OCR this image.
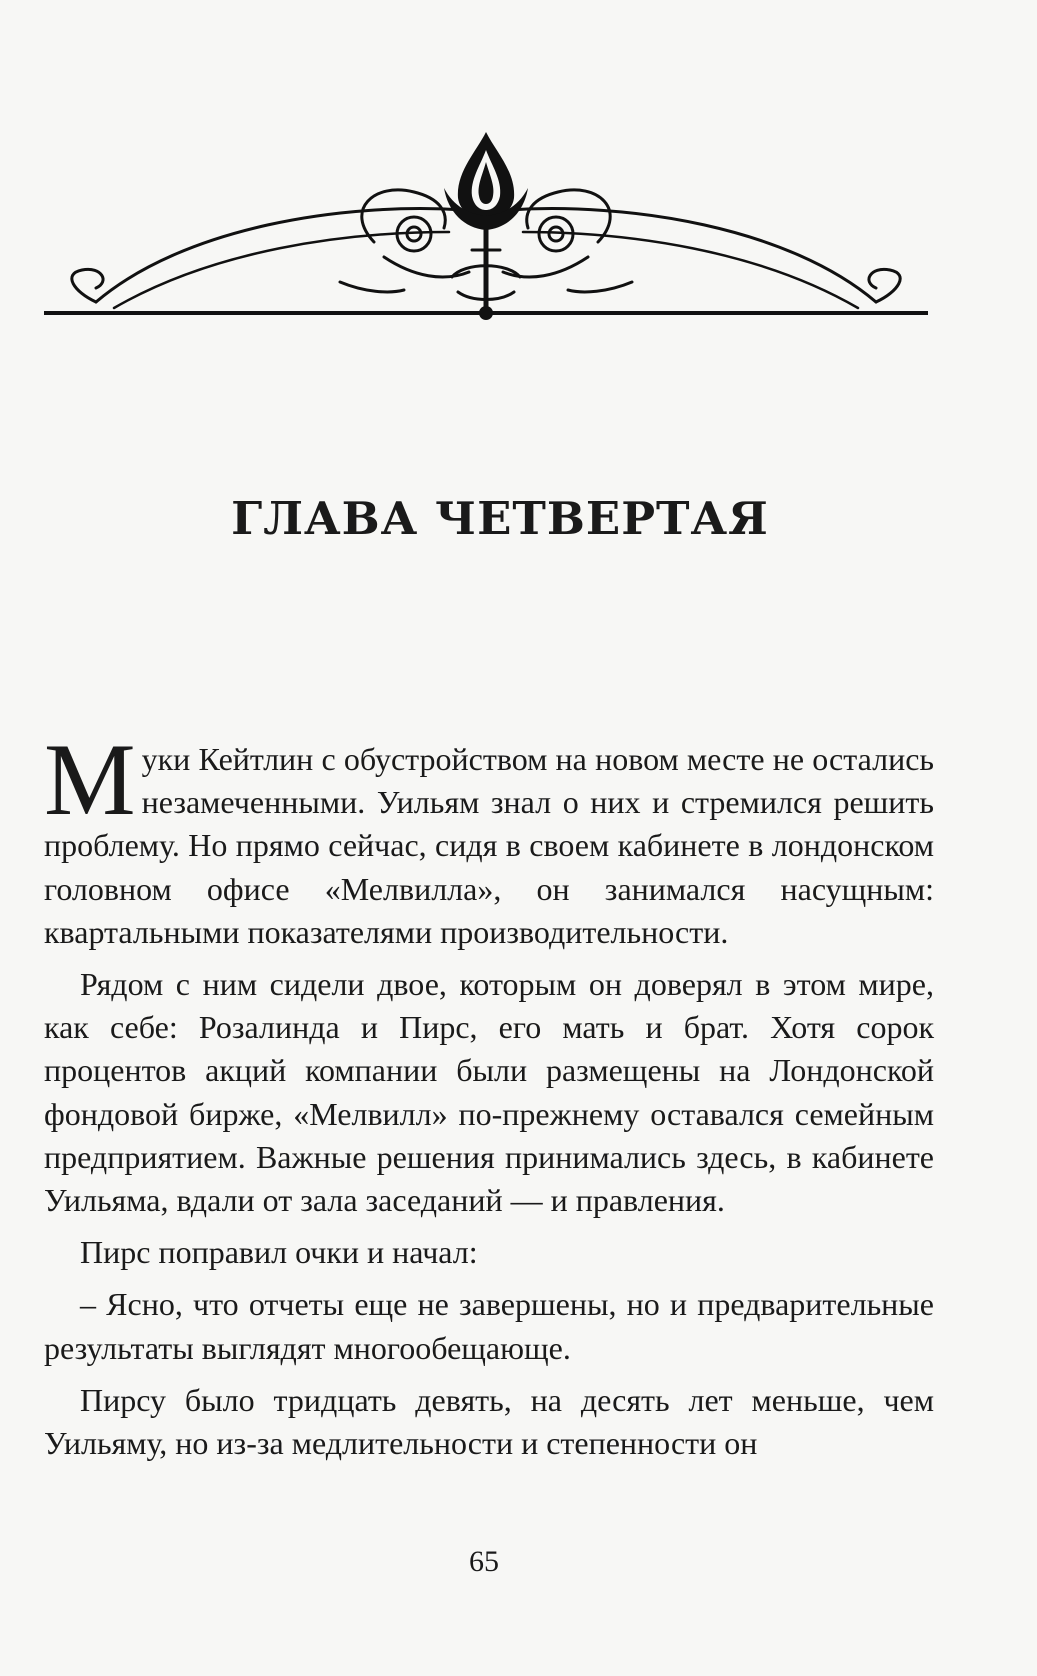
ГЛАВА ЧЕТВЕРТАЯ

Муки Кейтлин с обустройством на новом месте не остались незамеченными. Уильям знал о них и стремился решить проблему. Но прямо сейчас, сидя в своем кабинете в лондонском головном офисе «Мелвилла», он занимался насущным: квартальными показателями производительности.

Рядом с ним сидели двое, которым он доверял в этом мире, как себе: Розалинда и Пирс, его мать и брат. Хотя сорок процентов акций компании были размещены на Лондонской фондовой бирже, «Мелвилл» по-прежнему оставался семейным предприятием. Важные решения принимались здесь, в кабинете Уильяма, вдали от зала заседаний — и правления.

Пирс поправил очки и начал:

– Ясно, что отчеты еще не завершены, но и предварительные результаты выглядят многообещающе.

Пирсу было тридцать девять, на десять лет меньше, чем Уильяму, но из-за медлительности и степенности он

65
